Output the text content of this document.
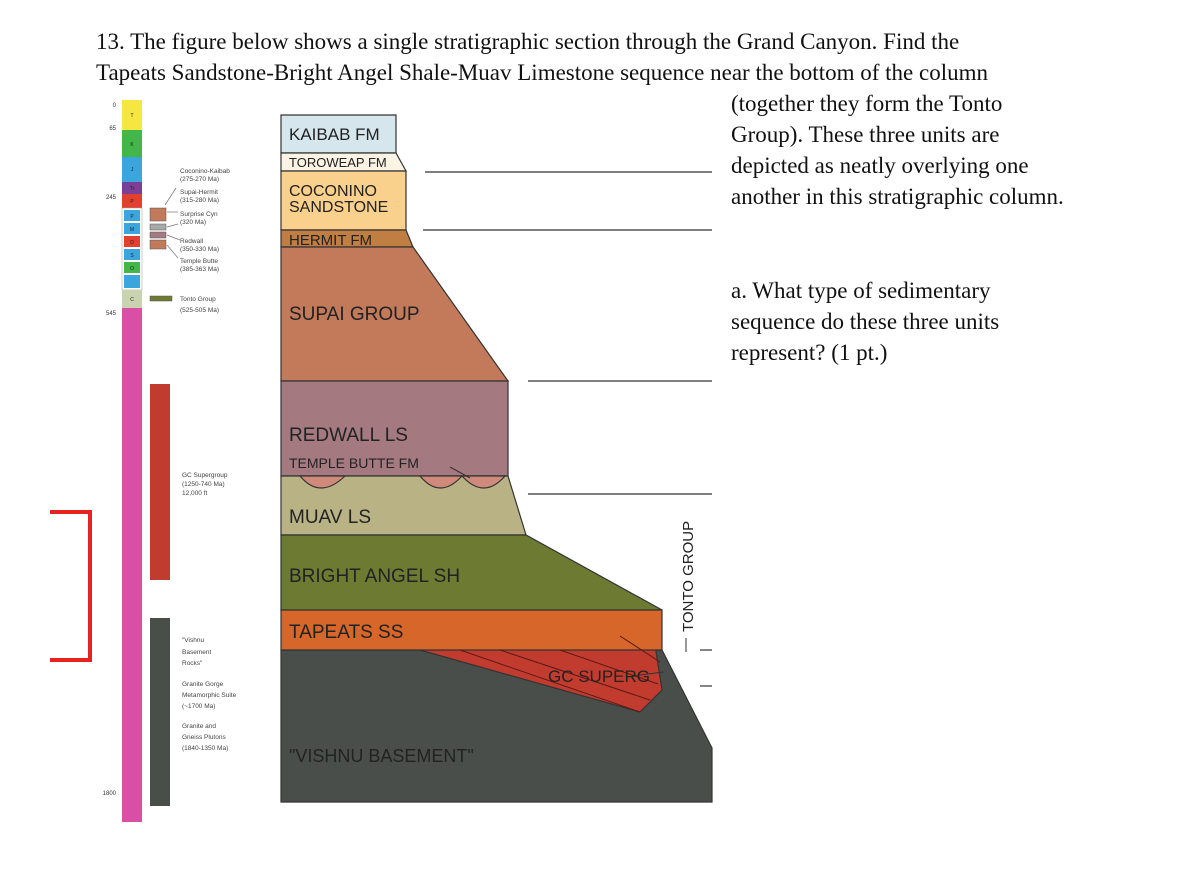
0
65
245
545
1800
T
K
J
Tr
P
P
M
D
S
O
C
Coconino-Kaibab
(275-270 Ma)
Supai-Hermit
(315-280 Ma)
Surprise Cyn
(320 Ma)
Redwall
(350-330 Ma)
Temple Butte
(385-363 Ma)
Tonto Group
(525-505 Ma)
GC Supergroup
(1250-740 Ma)
12,000 ft
"Vishnu
Basement
Rocks"
Granite Gorge
Metamorphic Suite
(~1700 Ma)
Granite and
Gneiss Plutons
(1840-1350 Ma)
KAIBAB FM
TOROWEAP FM
COCONINO
SANDSTONE
HERMIT FM
SUPAI GROUP
REDWALL LS
TEMPLE BUTTE FM
MUAV LS
BRIGHT ANGEL SH
TAPEATS SS
GC SUPERG
"VISHNU BASEMENT"
TONTO GROUP

13. The figure below shows a single stratigraphic section through the Grand Canyon. Find the

Tapeats Sandstone-Bright Angel Shale-Muav Limestone sequence near the bottom of the column

(together they form the Tonto

Group). These three units are

depicted as neatly overlying one

another in this stratigraphic column.

a. What type of sedimentary

sequence do these three units

represent? (1 pt.)
